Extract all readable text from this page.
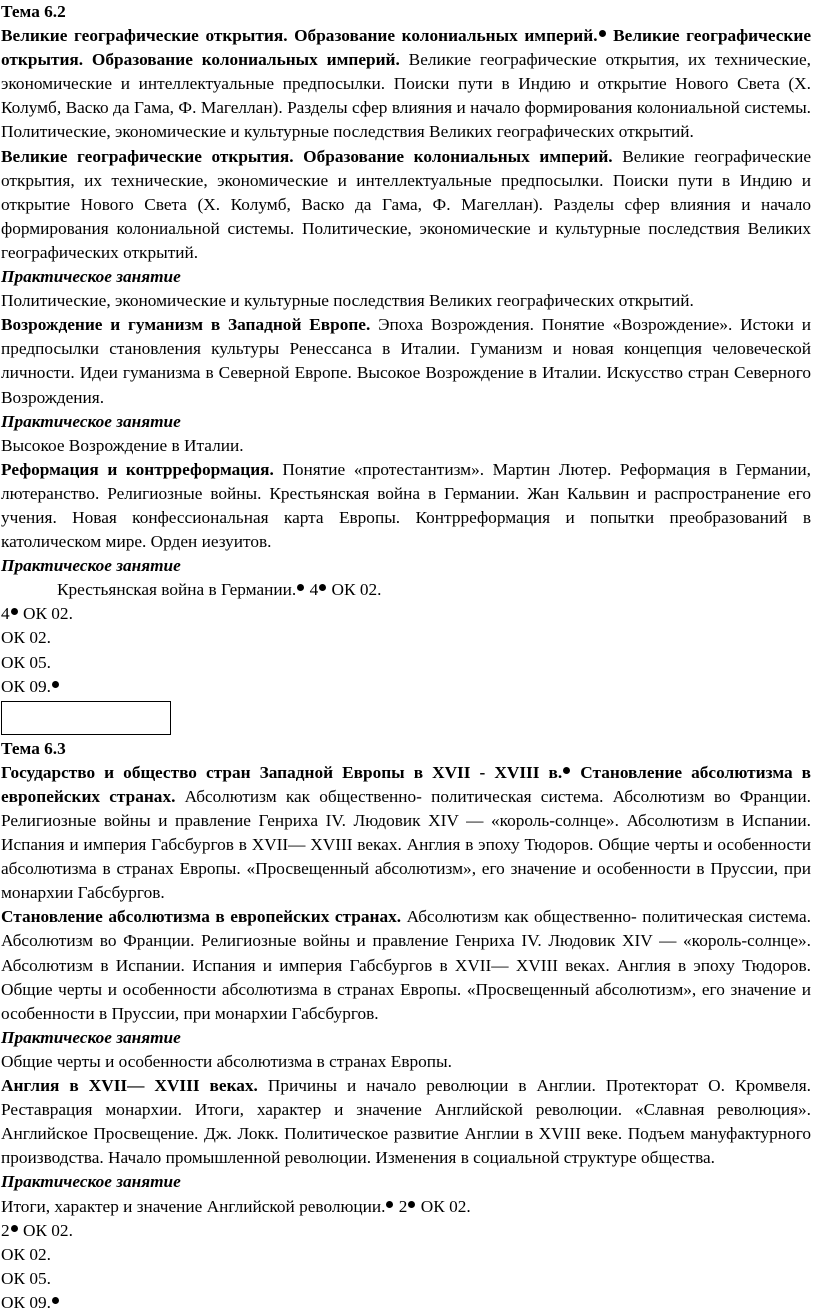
Тема 6.2

Великие географические открытия. Образование колониальных империй. Великие географические открытия. Образование колониальных империй. Великие географические открытия, их технические, экономические и интеллектуальные предпосылки. Поиски пути в Индию и открытие Нового Света (Х. Колумб, Васко да Гама, Ф. Магеллан). Разделы сфер влияния и начало формирования колониальной системы. Политические, экономические и культурные последствия Великих географических открытий.

Великие географические открытия. Образование колониальных империй. Великие географические открытия, их технические, экономические и интеллектуальные предпосылки. Поиски пути в Индию и открытие Нового Света (Х. Колумб, Васко да Гама, Ф. Магеллан). Разделы сфер влияния и начало формирования колониальной системы. Политические, экономические и культурные последствия Великих географических открытий.

Практическое занятие

Политические, экономические и культурные последствия Великих географических открытий.

Возрождение и гуманизм в Западной Европе. Эпоха Возрождения. Понятие «Возрождение». Истоки и предпосылки становления культуры Ренессанса в Италии. Гуманизм и новая концепция человеческой личности. Идеи гуманизма в Северной Европе. Высокое Возрождение в Италии. Искусство стран Северного Возрождения.

Практическое занятие

Высокое Возрождение в Италии.

Реформация и контрреформация. Понятие «протестантизм». Мартин Лютер. Реформация в Германии, лютеранство. Религиозные войны. Крестьянская война в Германии. Жан Кальвин и распространение его учения. Новая конфессиональная карта Европы. Контрреформация и попытки преобразований в католическом мире. Орден иезуитов.

Практическое занятие

Крестьянская война в Германии. 4 ОК 02.

4 ОК 02.

ОК 02.

ОК 05.

ОК 09.

Тема 6.3

Государство и общество стран Западной Европы в XVII - XVIII в. Становление абсолютизма в европейских странах. Абсолютизм как общественно- политическая система. Абсолютизм во Франции. Религиозные войны и правление Генриха IV. Людовик XIV — «король-солнце». Абсолютизм в Испании. Испания и империя Габсбургов в XVII— XVIII веках. Англия в эпоху Тюдоров. Общие черты и особенности абсолютизма в странах Европы. «Просвещенный абсолютизм», его значение и особенности в Пруссии, при монархии Габсбургов.

Становление абсолютизма в европейских странах. Абсолютизм как общественно- политическая система. Абсолютизм во Франции. Религиозные войны и правление Генриха IV. Людовик XIV — «король-солнце». Абсолютизм в Испании. Испания и империя Габсбургов в XVII— XVIII веках. Англия в эпоху Тюдоров. Общие черты и особенности абсолютизма в странах Европы. «Просвещенный абсолютизм», его значение и особенности в Пруссии, при монархии Габсбургов.

Практическое занятие

Общие черты и особенности абсолютизма в странах Европы.

Англия в XVII— XVIII веках. Причины и начало революции в Англии. Протекторат О. Кромвеля. Реставрация монархии. Итоги, характер и значение Английской революции. «Славная революция». Английское Просвещение. Дж. Локк. Политическое развитие Англии в XVIII веке. Подъем мануфактурного производства. Начало промышленной революции. Изменения в социальной структуре общества.

Практическое занятие

Итоги, характер и значение Английской революции. 2 ОК 02.

2 ОК 02.

ОК 02.

ОК 05.

ОК 09.
